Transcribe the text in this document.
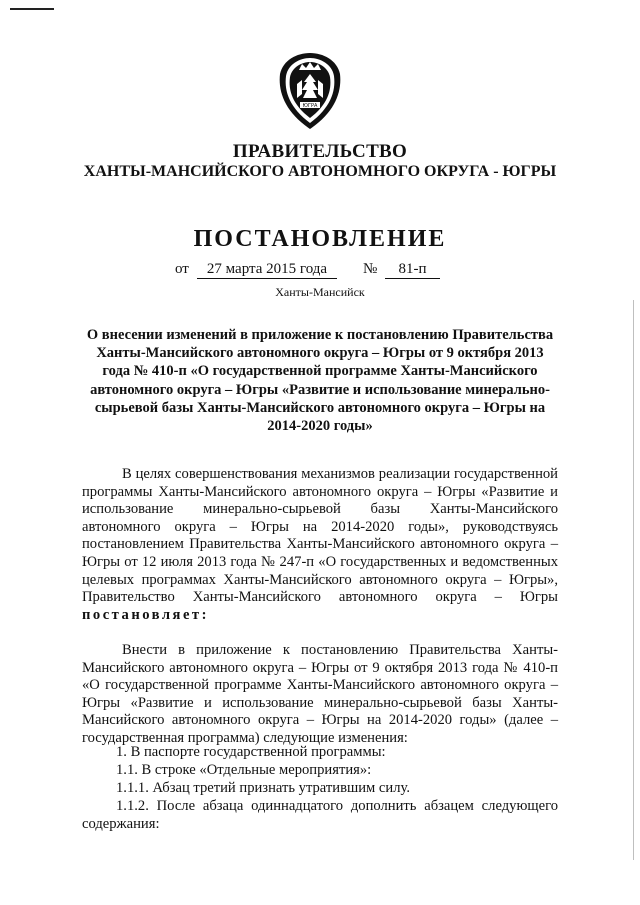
ЮГРА
ПРАВИТЕЛЬСТВО
ХАНТЫ-МАНСИЙСКОГО АВТОНОМНОГО ОКРУГА - ЮГРЫ
ПОСТАНОВЛЕНИЕ
от	27 марта 2015 года	№	81-п

Ханты-Мансийск

О внесении изменений в приложение к постановлению Правительства Ханты-Мансийского автономного округа – Югры от 9 октября 2013 года № 410-п «О государственной программе Ханты-Мансийского автономного округа – Югры «Развитие и использование минерально-сырьевой базы Ханты-Мансийского автономного округа – Югры на 2014-2020 годы»

В целях совершенствования механизмов реализации государственной программы Ханты-Мансийского автономного округа – Югры «Развитие и использование минерально-сырьевой базы Ханты-Мансийского автономного округа – Югры на 2014-2020 годы», руководствуясь постановлением Правительства Ханты-Мансийского автономного округа – Югры от 12 июля 2013 года № 247-п «О государственных и ведомственных целевых программах Ханты-Мансийского автономного округа – Югры», Правительство Ханты-Мансийского автономного округа – Югры постановляет:

Внести в приложение к постановлению Правительства Ханты-Мансийского автономного округа – Югры от 9 октября 2013 года № 410-п «О государственной программе Ханты-Мансийского автономного округа – Югры «Развитие и использование минерально-сырьевой базы Ханты-Мансийского автономного округа – Югры на 2014-2020 годы» (далее – государственная программа) следующие изменения:

1. В паспорте государственной программы:

1.1. В строке «Отдельные мероприятия»:

1.1.1. Абзац третий признать утратившим силу.

1.1.2. После абзаца одиннадцатого дополнить абзацем следующего содержания:
